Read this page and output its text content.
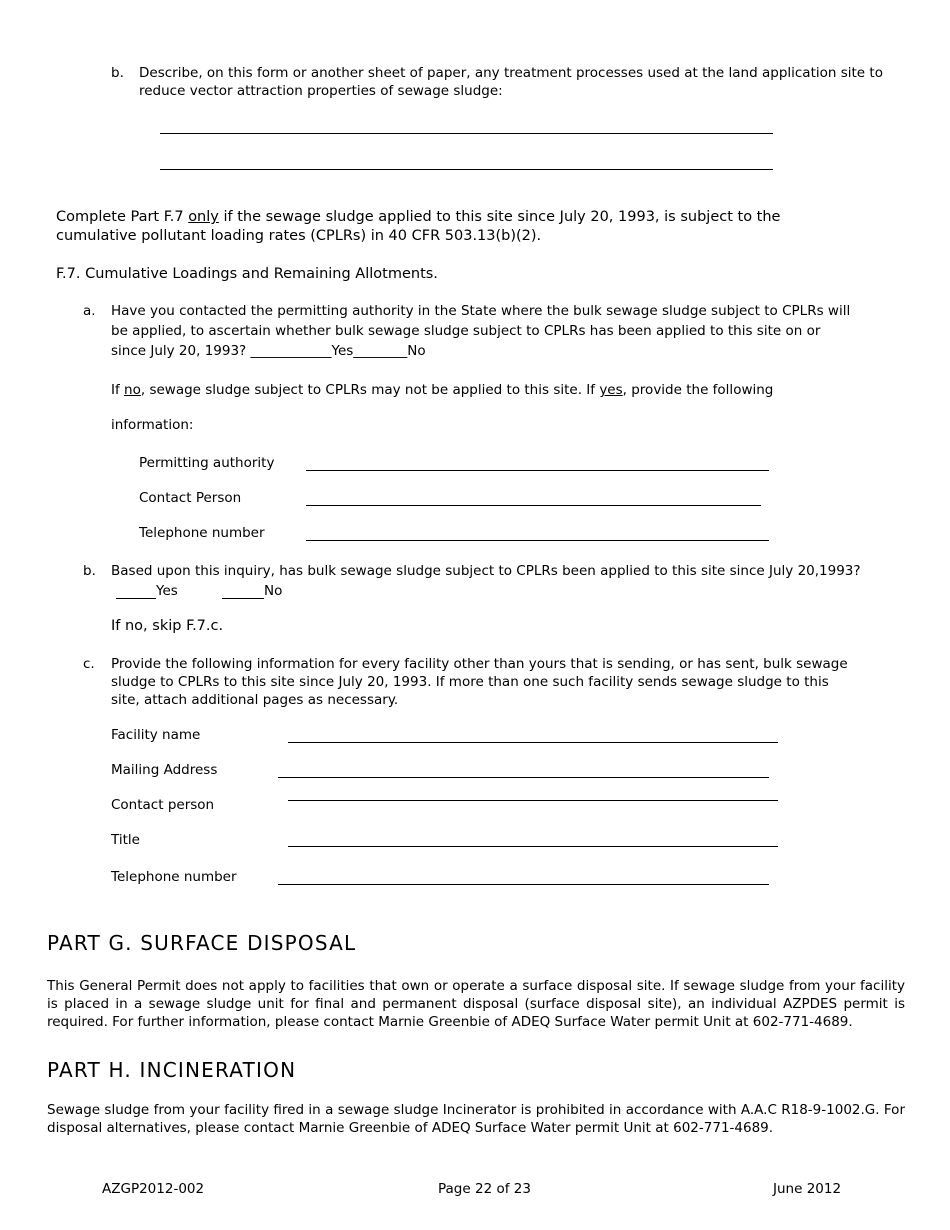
b. Describe, on this form or another sheet of paper, any treatment processes used at the land application site to
reduce vector attraction properties of sewage sludge:
Complete Part F.7 only if the sewage sludge applied to this site since July 20, 1993, is subject to the
cumulative pollutant loading rates (CPLRs) in 40 CFR 503.13(b)(2).
F.7. Cumulative Loadings and Remaining Allotments.
a. Have you contacted the permitting authority in the State where the bulk sewage sludge subject to CPLRs will
be applied, to ascertain whether bulk sewage sludge subject to CPLRs has been applied to this site on or
since July 20, 1993? ____________Yes________No
If no, sewage sludge subject to CPLRs may not be applied to this site. If yes, provide the following
information:
Permitting authority
Contact Person
Telephone number
b. Based upon this inquiry, has bulk sewage sludge subject to CPLRs been applied to this site since July 20,1993?
Yes	No
If no, skip F.7.c.
c. Provide the following information for every facility other than yours that is sending, or has sent, bulk sewage
sludge to CPLRs to this site since July 20, 1993. If more than one such facility sends sewage sludge to this
site, attach additional pages as necessary.
Facility name
Mailing Address
Contact person
Title
Telephone number
PART G. SURFACE DISPOSAL
This General Permit does not apply to facilities that own or operate a surface disposal site. If sewage sludge from your facility is placed in a sewage sludge unit for final and permanent disposal (surface disposal site), an individual AZPDES permit is required. For further information, please contact Marnie Greenbie of ADEQ Surface Water permit Unit at 602-771-4689.
PART H. INCINERATION
Sewage sludge from your facility fired in a sewage sludge Incinerator is prohibited in accordance with A.A.C R18-9-1002.G. For disposal alternatives, please contact Marnie Greenbie of ADEQ Surface Water permit Unit at 602-771-4689.
AZGP2012-002	Page 22 of 23	June 2012
